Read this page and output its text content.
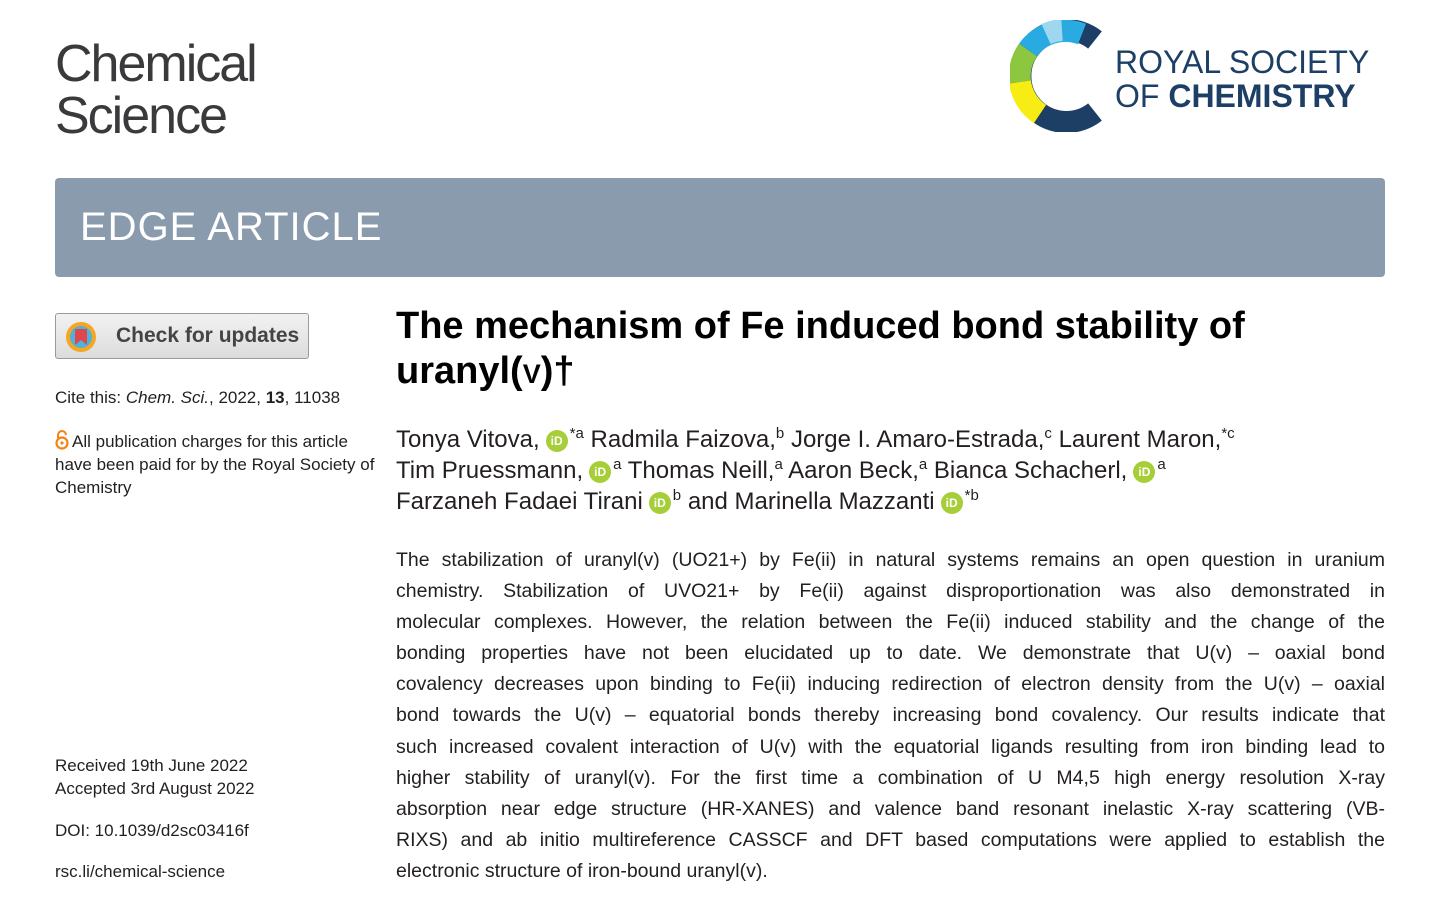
Chemical
Science
ROYAL SOCIETY
OF CHEMISTRY
EDGE ARTICLE
Check for updates
Cite this: Chem. Sci., 2022, 13, 11038
All publication charges for this article have been paid for by the Royal Society of Chemistry
Received 19th June 2022
Accepted 3rd August 2022
DOI: 10.1039/d2sc03416f
rsc.li/chemical-science
The mechanism of Fe induced bond stability of
uranyl(v)†
Tonya Vitova, iD $^{*a}$ Radmila Faizova,$^b$ Jorge I. Amaro-Estrada,$^c$ Laurent Maron,$^{*c}$
Tim Pruessmann, iD $^a$ Thomas Neill,$^a$ Aaron Beck,$^a$ Bianca Schacherl, iD $^a$
Farzaneh Fadaei Tirani iD $^b$ and Marinella Mazzanti iD $^{*b}$
The stabilization of uranyl(v) (UO21+) by Fe(ii) in natural systems remains an open question in uranium
chemistry. Stabilization of UVO21+ by Fe(ii) against disproportionation was also demonstrated in
molecular complexes. However, the relation between the Fe(ii) induced stability and the change of the
bonding properties have not been elucidated up to date. We demonstrate that U(v) – oaxial bond
covalency decreases upon binding to Fe(ii) inducing redirection of electron density from the U(v) – oaxial
bond towards the U(v) – equatorial bonds thereby increasing bond covalency. Our results indicate that
such increased covalent interaction of U(v) with the equatorial ligands resulting from iron binding lead to
higher stability of uranyl(v). For the first time a combination of U M4,5 high energy resolution X-ray
absorption near edge structure (HR-XANES) and valence band resonant inelastic X-ray scattering (VB-
RIXS) and ab initio multireference CASSCF and DFT based computations were applied to establish the
electronic structure of iron-bound uranyl(v).
